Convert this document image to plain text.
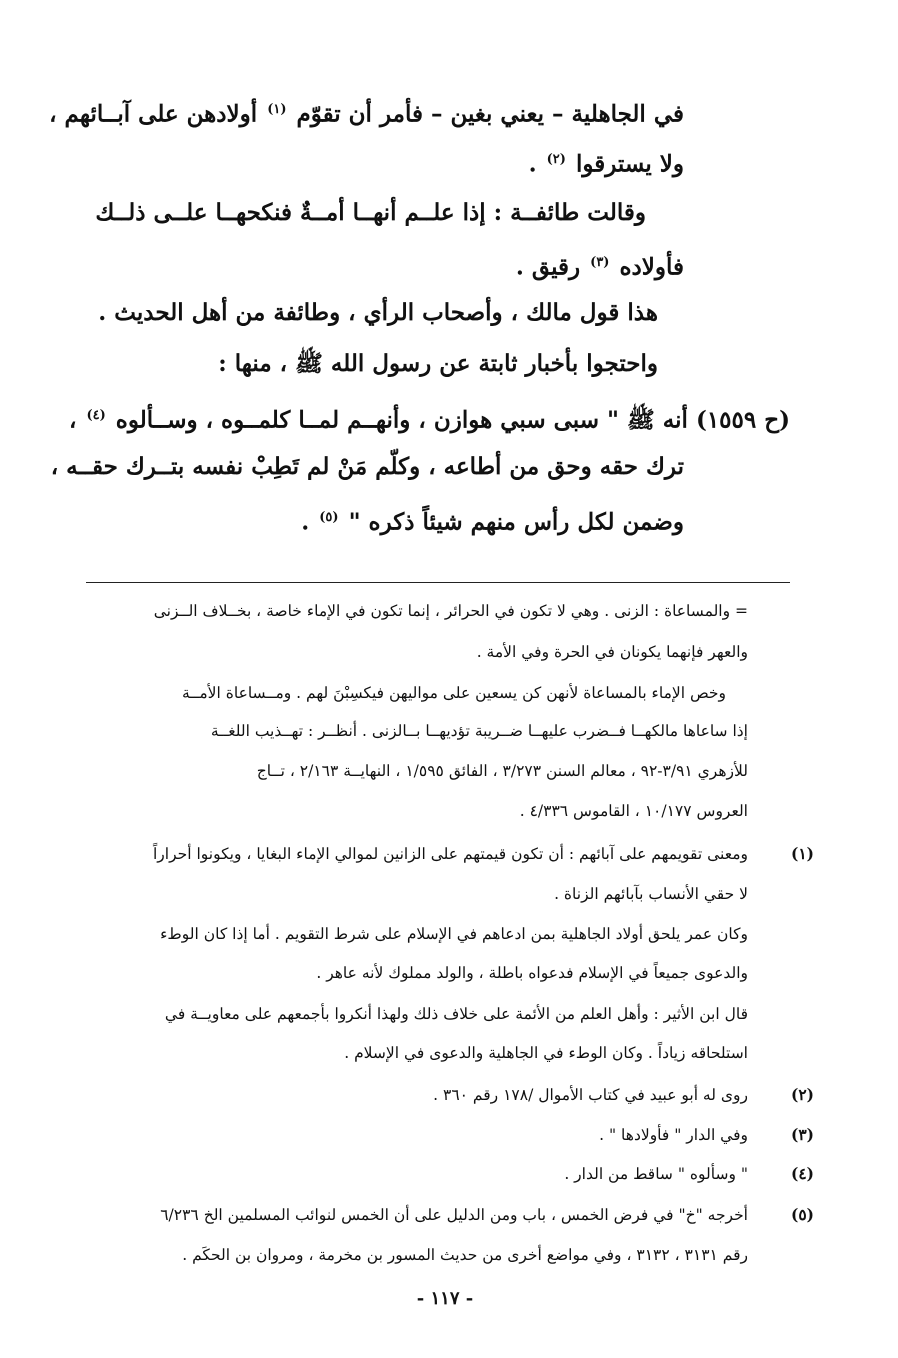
في الجاهلية – يعني بغين – فأمر أن تقوّم $^{(١)}$ أولادهن على آبــائهم ،
ولا يسترقوا $^{(٢)}$ .
وقالت طائفــة : إذا علــم أنهــا أمــةٌ فنكحهــا علــى ذلــك
فأولاده $^{(٣)}$ رقيق .
هذا قول مالك ، وأصحاب الرأي ، وطائفة من أهل الحديث .
واحتجوا بأخبار ثابتة عن رسول الله ﷺ ، منها :
(ح ١٥٥٩) أنه ﷺ " سبى سبي هوازن ، وأنهــم لمــا كلمــوه ، وســألوه $^{(٤)}$ ،
ترك حقه وحق من أطاعه ، وكلّم مَنْ لم تَطِبْ نفسه بتــرك حقــه ،
وضمن لكل رأس منهم شيئاً ذكره " $^{(٥)}$ .
= والمساعاة : الزنى . وهي لا تكون في الحرائر ، إنما تكون في الإماء خاصة ، بخــلاف الــزنى
والعهر فإنهما يكونان في الحرة وفي الأمة .
وخص الإماء بالمساعاة لأنهن كن يسعين على مواليهن فيكسِبْنَ لهم . ومــساعاة الأمــة
إذا ساعاها مالكهــا فــضرب عليهــا ضــريبة تؤديهــا بــالزنى . أنظــر : تهــذيب اللغــة
للأزهري ٣/٩١-٩٢ ، معالم السنن ٣/٢٧٣ ، الفائق ١/٥٩٥ ، النهايــة ٢/١٦٣ ، تــاج
العروس ١٠/١٧٧ ، القاموس ٤/٣٣٦ .
(١)
ومعنى تقويمهم على آبائهم : أن تكون قيمتهم على الزانين لموالي الإماء البغايا ، ويكونوا أحراراً
لا حقي الأنساب بآبائهم الزناة .
وكان عمر يلحق أولاد الجاهلية بمن ادعاهم في الإسلام على شرط التقويم . أما إذا كان الوطء
والدعوى جميعاً في الإسلام فدعواه باطلة ، والولد مملوك لأنه عاهر .
قال ابن الأثير : وأهل العلم من الأئمة على خلاف ذلك ولهذا أنكروا بأجمعهم على معاويــة في
استلحاقه زياداً . وكان الوطء في الجاهلية والدعوى في الإسلام .
(٢)
روى له أبو عبيد في كتاب الأموال /١٧٨ رقم ٣٦٠ .
(٣)
وفي الدار " فأولادها " .
(٤)
" وسألوه " ساقط من الدار .
(٥)
أخرجه "خ" في فرض الخمس ، باب ومن الدليل على أن الخمس لنوائب المسلمين الخ ٦/٢٣٦
رقم ٣١٣١ ، ٣١٣٢ ، وفي مواضع أخرى من حديث المسور بن مخرمة ، ومروان بن الحكَم .
- ١١٧ -
